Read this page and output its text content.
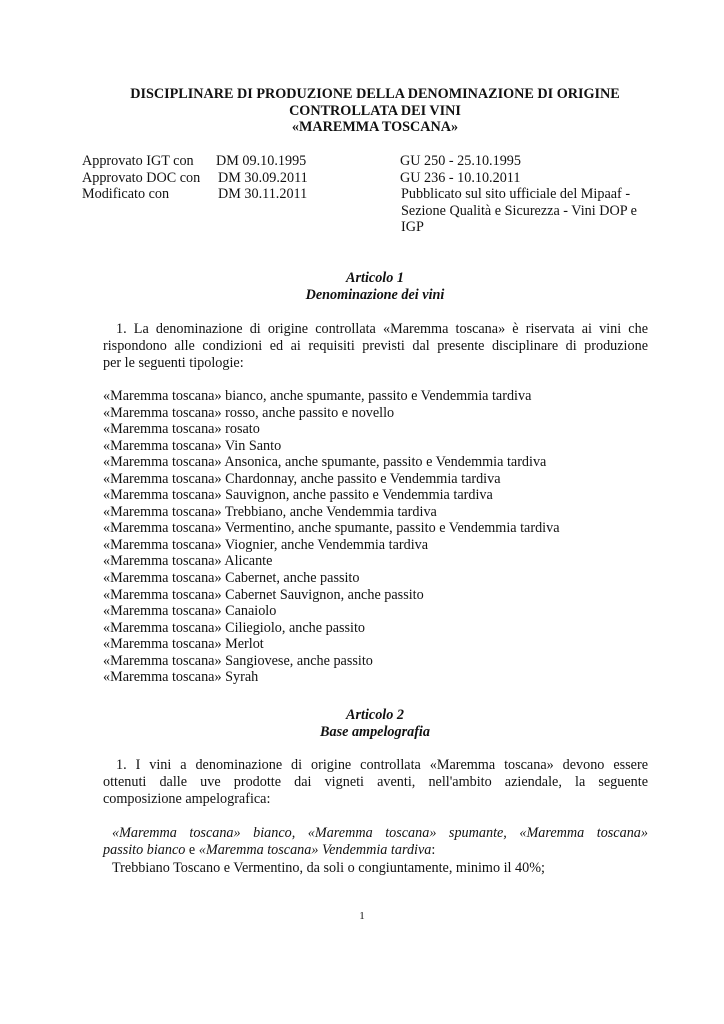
DISCIPLINARE DI PRODUZIONE DELLA DENOMINAZIONE DI ORIGINE
CONTROLLATA DEI VINI
«MAREMMA TOSCANA»
Approvato IGT con DM 09.10.1995	GU 250 - 25.10.1995
Approvato DOC con DM 30.09.2011	GU 236 - 10.10.2011
Modificato con	DM 30.11.2011	Pubblicato sul sito ufficiale del Mipaaf -
Sezione Qualità e Sicurezza - Vini DOP e
IGP
Articolo 1
Denominazione dei vini
1. La denominazione di origine controllata «Maremma toscana» è riservata ai vini che
rispondono alle condizioni ed ai requisiti previsti dal presente disciplinare di produzione
per le seguenti tipologie:
«Maremma toscana» bianco, anche spumante, passito e Vendemmia tardiva
«Maremma toscana» rosso, anche passito e novello
«Maremma toscana» rosato
«Maremma toscana» Vin Santo
«Maremma toscana» Ansonica, anche spumante, passito e Vendemmia tardiva
«Maremma toscana» Chardonnay, anche passito e Vendemmia tardiva
«Maremma toscana» Sauvignon, anche passito e Vendemmia tardiva
«Maremma toscana» Trebbiano, anche Vendemmia tardiva
«Maremma toscana» Vermentino, anche spumante, passito e Vendemmia tardiva
«Maremma toscana» Viognier, anche Vendemmia tardiva
«Maremma toscana» Alicante
«Maremma toscana» Cabernet, anche passito
«Maremma toscana» Cabernet Sauvignon, anche passito
«Maremma toscana» Canaiolo
«Maremma toscana» Ciliegiolo, anche passito
«Maremma toscana» Merlot
«Maremma toscana» Sangiovese, anche passito
«Maremma toscana» Syrah
Articolo 2
Base ampelografia
1. I vini a denominazione di origine controllata «Maremma toscana» devono essere
ottenuti dalle uve prodotte dai vigneti aventi, nell'ambito aziendale, la seguente
composizione ampelografica:
«Maremma toscana» bianco, «Maremma toscana» spumante, «Maremma toscana»
passito bianco e «Maremma toscana» Vendemmia tardiva:
Trebbiano Toscano e Vermentino, da soli o congiuntamente, minimo il 40%;
1
